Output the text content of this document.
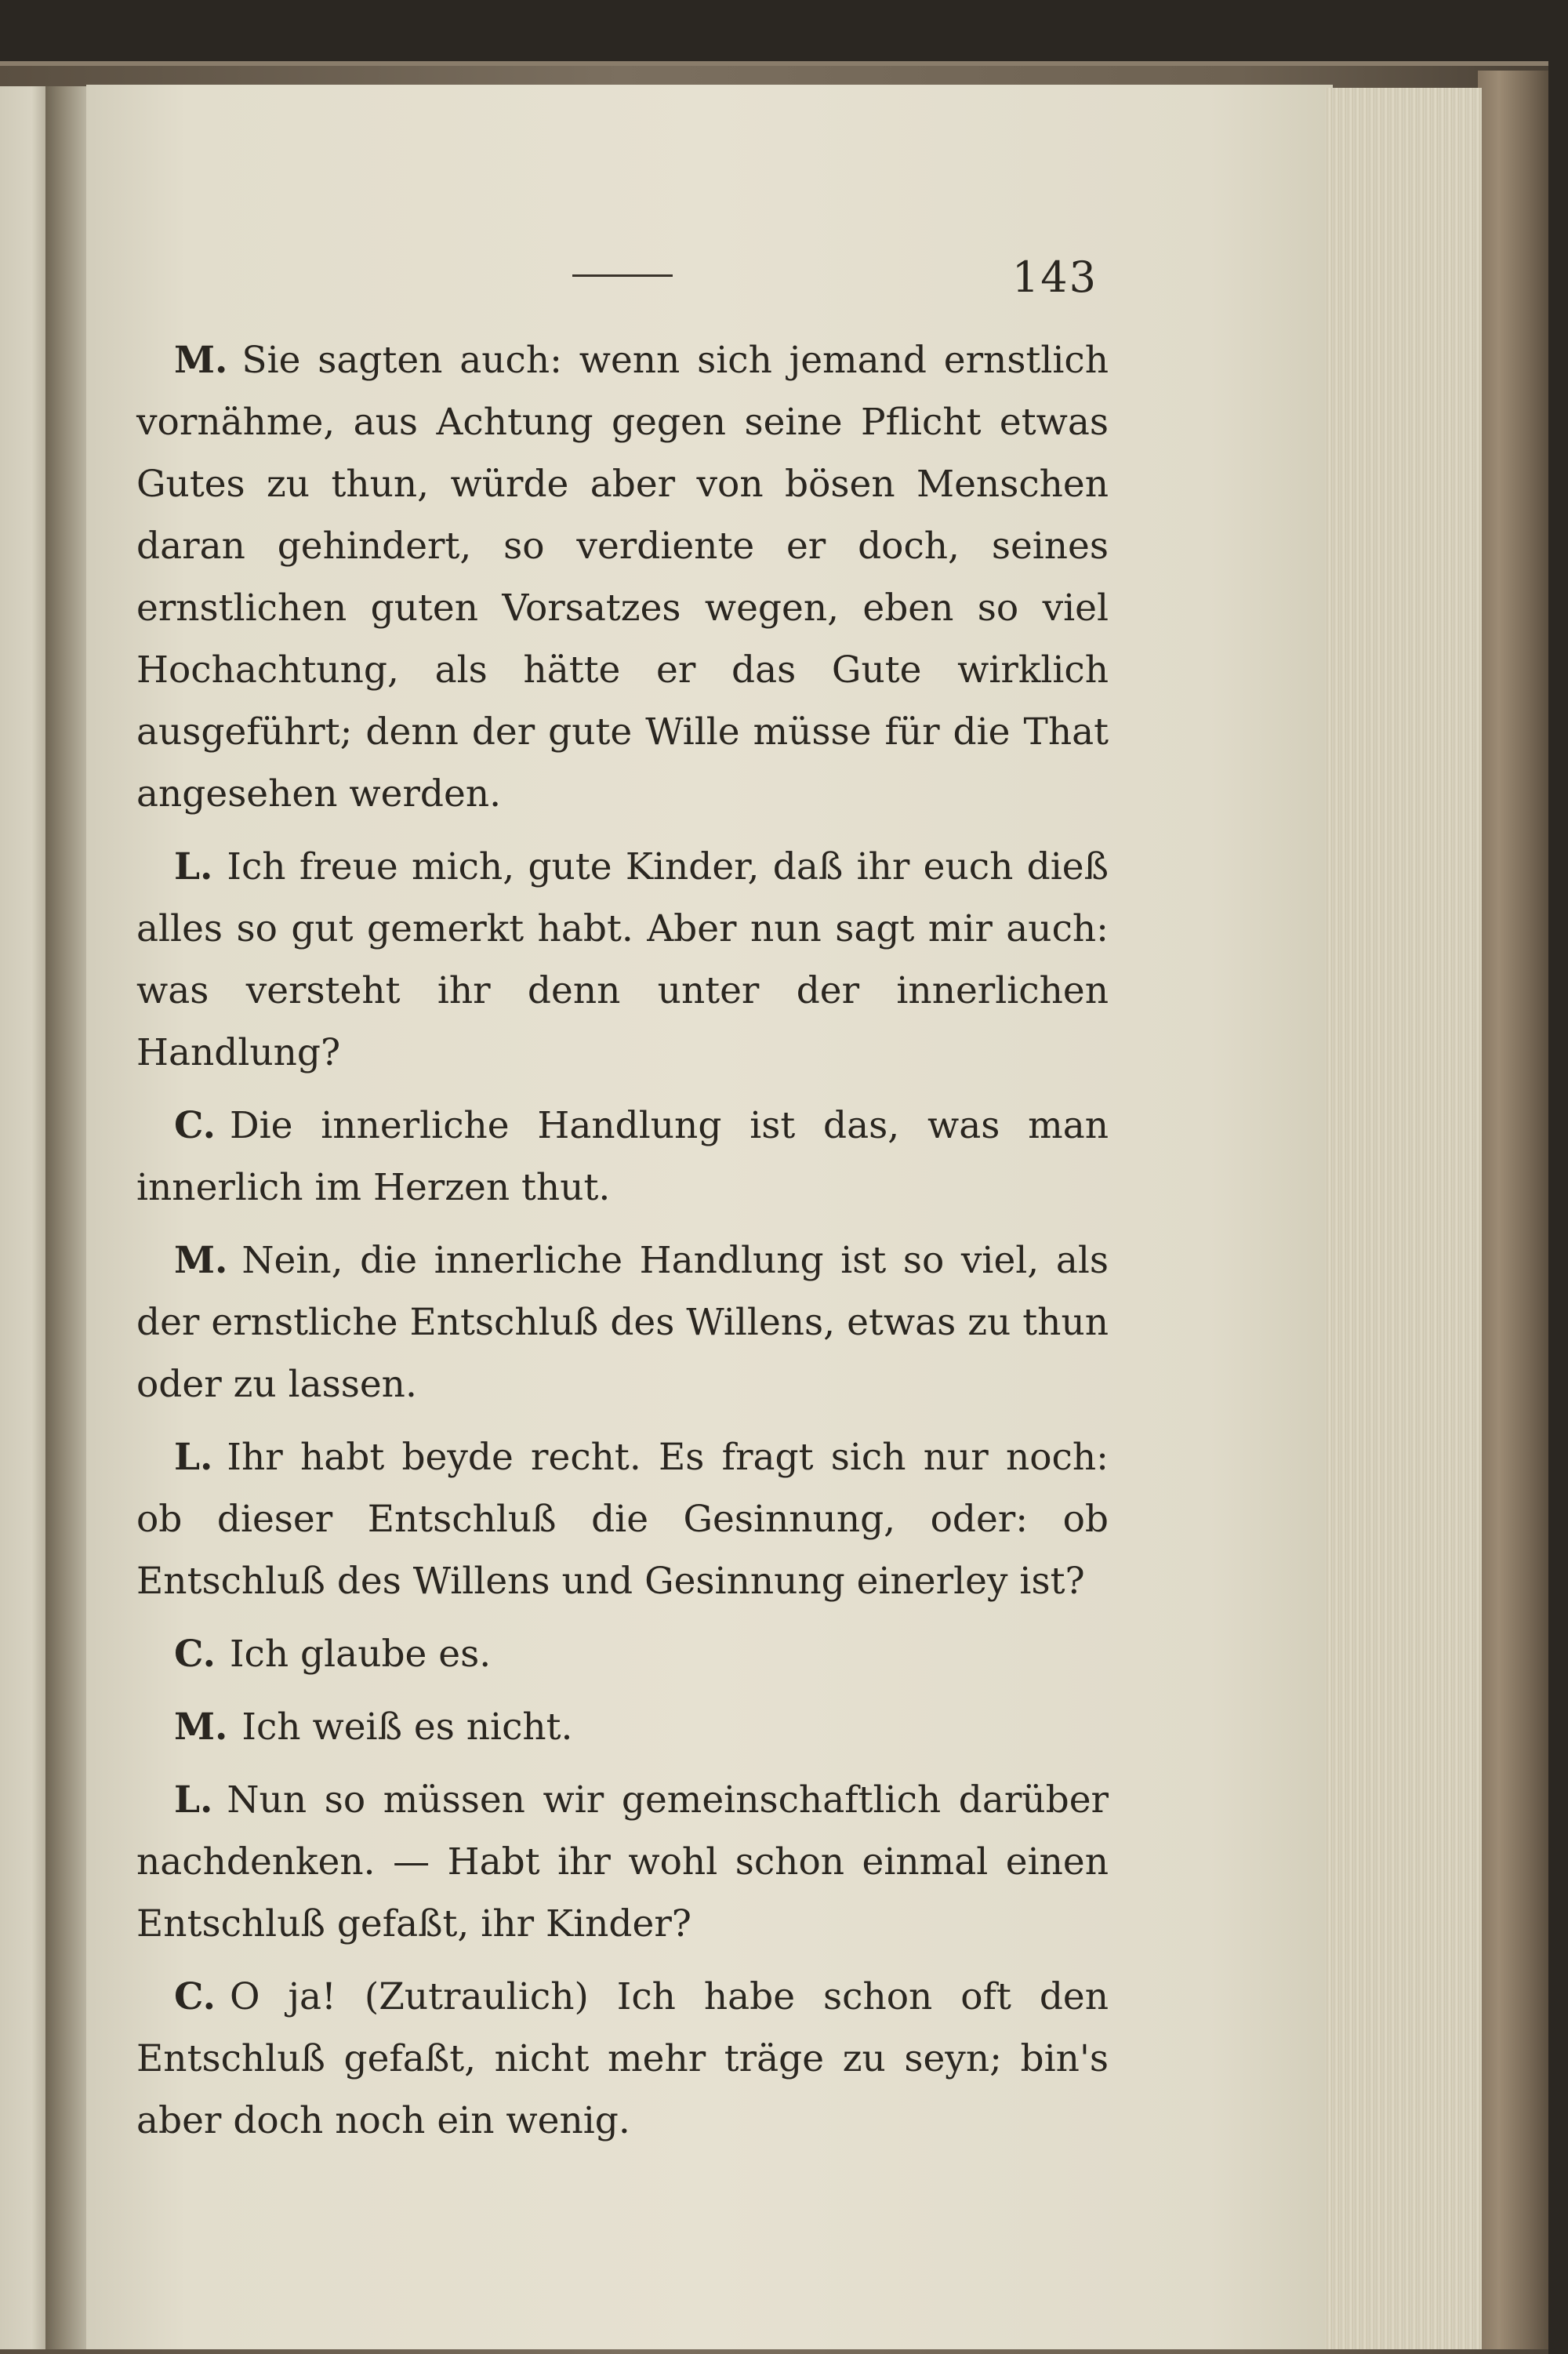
143

M. Sie sagten auch: wenn sich jemand ernstlich vornähme, aus Achtung gegen seine Pflicht etwas Gutes zu thun, würde aber von bösen Menschen daran gehindert, so verdiente er doch, seines ernstlichen guten Vorsatzes wegen, eben so viel Hochachtung, als hätte er das Gute wirklich ausgeführt; denn der gute Wille müsse für die That angesehen werden.

L. Ich freue mich, gute Kinder, daß ihr euch dieß alles so gut gemerkt habt. Aber nun sagt mir auch: was versteht ihr denn unter der innerlichen Handlung?

C. Die innerliche Handlung ist das, was man innerlich im Herzen thut.

M. Nein, die innerliche Handlung ist so viel, als der ernstliche Entschluß des Willens, etwas zu thun oder zu lassen.

L. Ihr habt beyde recht. Es fragt sich nur noch: ob dieser Entschluß die Gesinnung, oder: ob Entschluß des Willens und Gesinnung einerley ist?

C. Ich glaube es.

M. Ich weiß es nicht.

L. Nun so müssen wir gemeinschaftlich darüber nachdenken. — Habt ihr wohl schon einmal einen Entschluß gefaßt, ihr Kinder?

C. O ja! (Zutraulich) Ich habe schon oft den Entschluß gefaßt, nicht mehr träge zu seyn; bin's aber doch noch ein wenig.
